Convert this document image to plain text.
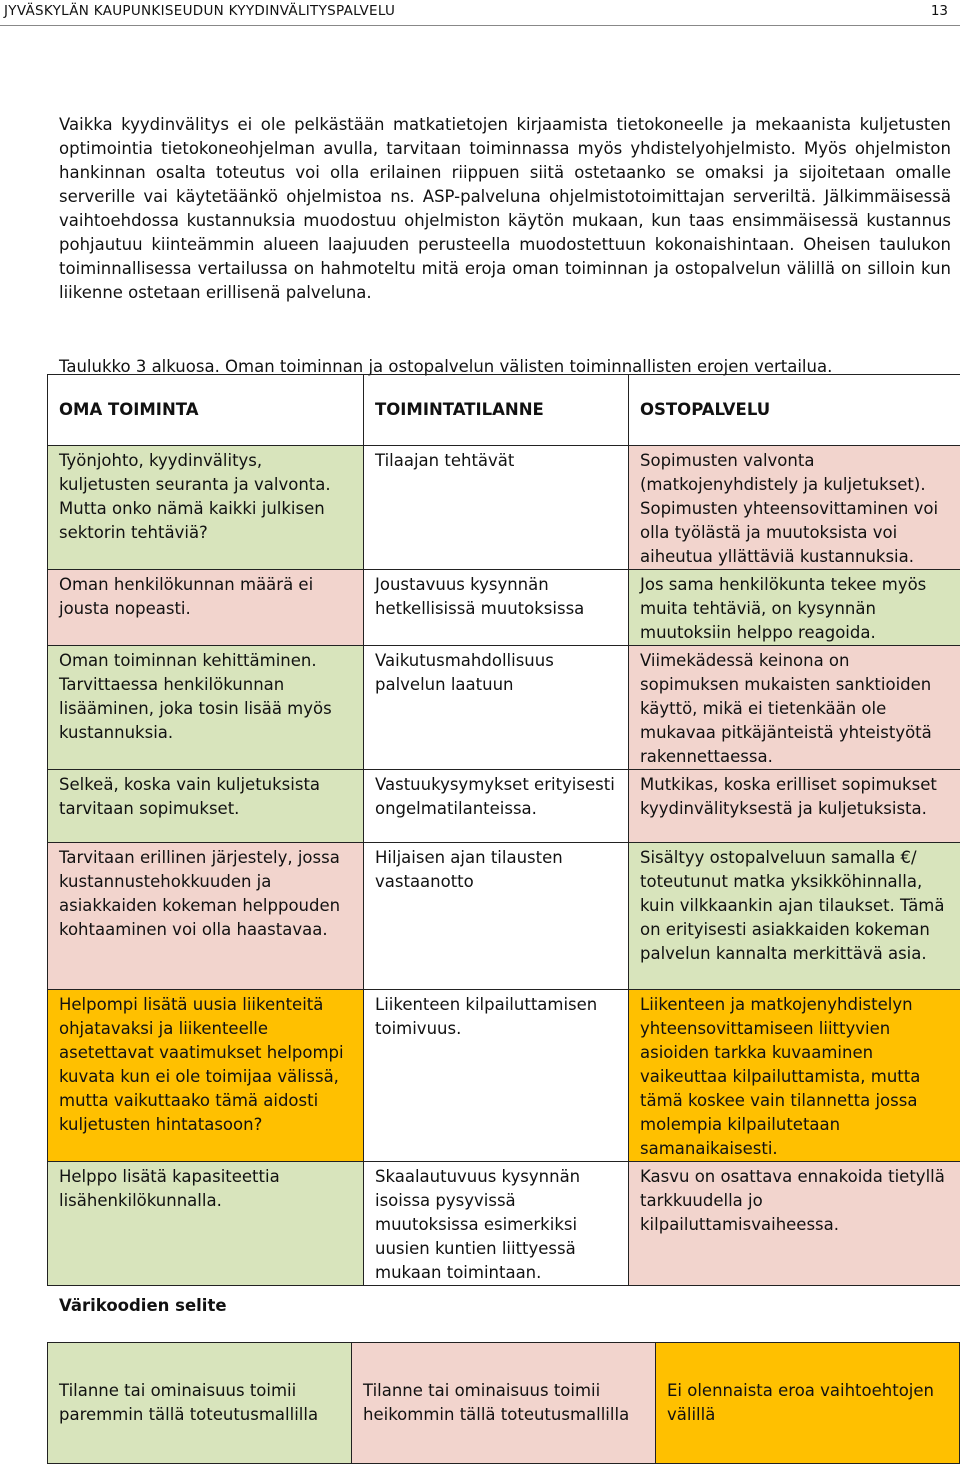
JYVÄSKYLÄN KAUPUNKISEUDUN KYYDINVÄLITYSPALVELU	13

Vaikka kyydinvälitys ei ole pelkästään matkatietojen kirjaamista tietokoneelle ja mekaanista kuljetusten optimointia tietokoneohjelman avulla, tarvitaan toiminnassa myös yhdistelyohjelmisto. Myös ohjelmiston hankinnan osalta toteutus voi olla erilainen riippuen siitä ostetaanko se omaksi ja sijoitetaan omalle serverille vai käytetäänkö ohjelmistoa ns. ASP-palveluna ohjelmistotoimittajan serveriltä. Jälkimmäisessä vaihtoehdossa kustannuksia muodostuu ohjelmiston käytön mukaan, kun taas ensimmäisessä kustannus pohjautuu kiinteämmin alueen laajuuden perusteella muodostettuun kokonaishintaan. Oheisen taulukon toiminnallisessa vertailussa on hahmoteltu mitä eroja oman toiminnan ja ostopalvelun välillä on silloin kun liikenne ostetaan erillisenä palveluna.

Taulukko 3 alkuosa. Oman toiminnan ja ostopalvelun välisten toiminnallisten erojen vertailua.
OMA TOIMINTA	TOIMINTATILANNE	OSTOPALVELU
Työnjohto, kyydinvälitys, kuljetusten seuranta ja valvonta. Mutta onko nämä kaikki julkisen sektorin tehtäviä?	Tilaajan tehtävät	Sopimusten valvonta (matkojenyhdistely ja kuljetukset). Sopimusten yhteensovittaminen voi olla työlästä ja muutoksista voi aiheutua yllättäviä kustannuksia.
Oman henkilökunnan määrä ei jousta nopeasti.	Joustavuus kysynnän hetkellisissä muutoksissa	Jos sama henkilökunta tekee myös muita tehtäviä, on kysynnän muutoksiin helppo reagoida.
Oman toiminnan kehittäminen. Tarvittaessa henkilökunnan lisääminen, joka tosin lisää myös kustannuksia.	Vaikutusmahdollisuus palvelun laatuun	Viimekädessä keinona on sopimuksen mukaisten sanktioiden käyttö, mikä ei tietenkään ole mukavaa pitkäjänteistä yhteistyötä rakennettaessa.
Selkeä, koska vain kuljetuksista tarvitaan sopimukset.	Vastuukysymykset erityisesti ongelmatilanteissa.	Mutkikas, koska erilliset sopimukset kyydinvälityksestä ja kuljetuksista.
Tarvitaan erillinen järjestely, jossa kustannustehokkuuden ja asiakkaiden kokeman helppouden kohtaaminen voi olla haastavaa.	Hiljaisen ajan tilausten vastaanotto	Sisältyy ostopalveluun samalla €/ toteutunut matka yksikköhinnalla, kuin vilkkaankin ajan tilaukset. Tämä on erityisesti asiakkaiden kokeman palvelun kannalta merkittävä asia.
Helpompi lisätä uusia liikenteitä ohjatavaksi ja liikenteelle asetettavat vaatimukset helpompi kuvata kun ei ole toimijaa välissä, mutta vaikuttaako tämä aidosti kuljetusten hintatasoon?	Liikenteen kilpailuttamisen toimivuus.	Liikenteen ja matkojenyhdistelyn yhteensovittamiseen liittyvien asioiden tarkka kuvaaminen vaikeuttaa kilpailuttamista, mutta tämä koskee vain tilannetta jossa molempia kilpailutetaan samanaikaisesti.
Helppo lisätä kapasiteettia lisähenkilökunnalla.	Skaalautuvuus kysynnän isoissa pysyvissä muutoksissa esimerkiksi uusien kuntien liittyessä mukaan toimintaan.	Kasvu on osattava ennakoida tietyllä tarkkuudella jo kilpailuttamisvaiheessa.
Värikoodien selite
Tilanne tai ominaisuus toimii paremmin tällä toteutusmallilla	Tilanne tai ominaisuus toimii heikommin tällä toteutusmallilla	Ei olennaista eroa vaihtoehtojen välillä
